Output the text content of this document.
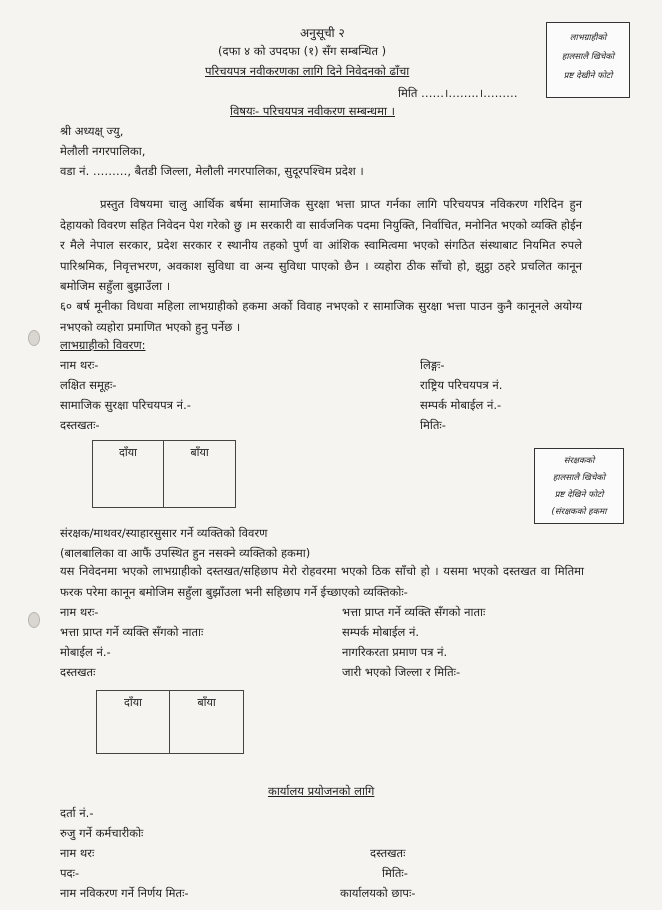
अनुसूची २
(दफा ४ को उपदफा (१) सँग सम्बन्धित )
परिचयपत्र नवीकरणका लागि दिने निवेदनको ढाँचा
मिति ……।……..।………
लाभग्राहीको
हालसालै खिचेको
प्रष्ट देखीने फोटो
विषयः- परिचयपत्र नवीकरण सम्बन्धमा ।
श्री अध्यक्ष् ज्यु,
मेलौली नगरपालिका,
वडा नं. ………, बैतडी जिल्ला, मेलौली नगरपालिका, सुदूरपश्चिम प्रदेश ।
प्रस्तुत विषयमा चालु आर्थिक बर्षमा सामाजिक सुरक्षा भत्ता प्राप्त गर्नका लागि परिचयपत्र नविकरण गरिदिन हुन देहायको विवरण सहित निवेदन पेश गरेको छु ।म सरकारी वा सार्वजनिक पदमा नियुक्ति, निर्वाचित, मनोनित भएको व्यक्ति होईन र मैले नेपाल सरकार, प्रदेश सरकार र स्थानीय तहको पुर्ण वा आंशिक स्वामित्वमा भएको संगठित संस्थाबाट नियमित रुपले पारिश्रमिक, निवृत्तभरण, अवकाश सुविधा वा अन्य सुविधा पाएको छैन । व्यहोरा ठीक साँचो हो, झुट्ठा ठहरे प्रचलित कानून बमोजिम सहुँला बुझाउँला ।
६० बर्ष मूनीका विधवा महिला लाभग्राहीको हकमा अर्को विवाह नभएको र सामाजिक सुरक्षा भत्ता पाउन कुनै कानूनले अयोग्य नभएको व्यहोरा प्रमाणित भएको हुनु पर्नेछ ।
लाभग्राहीको विवरण:
नाम थरः-	लिङ्गः-
लक्षित समूहः-	राष्ट्रिय परिचयपत्र नं.
सामाजिक सुरक्षा परिचयपत्र नं.-	सम्पर्क मोबाईल नं.-
दस्तखतः-	मितिः-
दाँया	बाँया
संरक्षकको
हालसालै खिचेको
प्रष्ट देखिने फोटो
(संरक्षकको हकमा
संरक्षक/माथवर/स्याहारसुसार गर्ने व्यक्तिको विवरण
(बालबालिका वा आफैं उपस्थित हुन नसक्ने व्यक्तिको हकमा)
यस निवेदनमा भएको लाभग्राहीको दस्तखत/सहिछाप मेरो रोहवरमा भएको ठिक साँचो हो । यसमा भएको दस्तखत वा मितिमा फरक परेमा कानून बमोजिम सहुँला बुझाँउला भनी सहिछाप गर्ने ईच्छाएको व्यक्तिकोः-
नाम थरः-	भत्ता प्राप्त गर्ने व्यक्ति सँगको नाताः
भत्ता प्राप्त गर्ने व्यक्ति सँगको नाताः	सम्पर्क मोबाईल नं.
मोबाईल नं.-	नागरिकरता प्रमाण पत्र नं.
दस्तखतः	जारी भएको जिल्ला र मितिः-
दाँया	बाँया
कार्यालय प्रयोजनको लागि
दर्ता नं.-
रुजु गर्ने कर्मचारीकोः
नाम थरः	दस्तखतः
पदः-	मितिः-
नाम नविकरण गर्ने निर्णय मितः-	कार्यालयको छापः-
